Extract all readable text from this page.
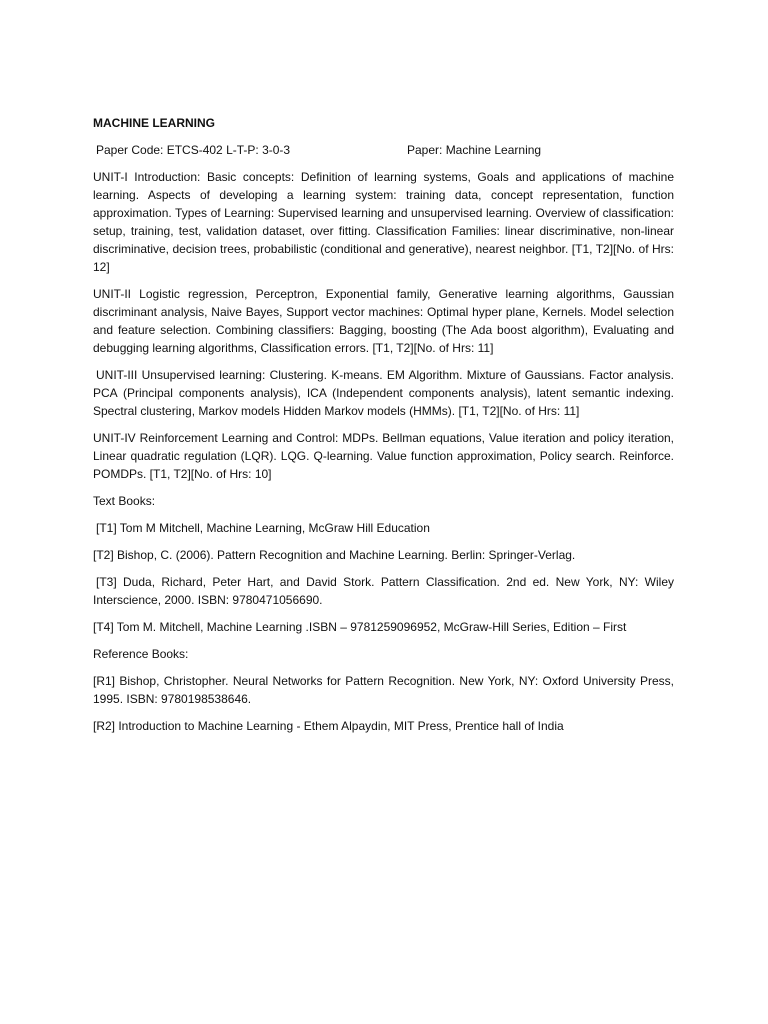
MACHINE LEARNING
Paper Code: ETCS-402 L-T-P: 3-0-3	Paper: Machine Learning
UNIT-I Introduction: Basic concepts: Definition of learning systems, Goals and applications of machine learning. Aspects of developing a learning system: training data, concept representation, function approximation. Types of Learning: Supervised learning and unsupervised learning. Overview of classification: setup, training, test, validation dataset, over fitting. Classification Families: linear discriminative, non-linear discriminative, decision trees, probabilistic (conditional and generative), nearest neighbor. [T1, T2][No. of Hrs: 12]
UNIT-II Logistic regression, Perceptron, Exponential family, Generative learning algorithms, Gaussian discriminant analysis, Naive Bayes, Support vector machines: Optimal hyper plane, Kernels. Model selection and feature selection. Combining classifiers: Bagging, boosting (The Ada boost algorithm), Evaluating and debugging learning algorithms, Classification errors. [T1, T2][No. of Hrs: 11]
UNIT-III Unsupervised learning: Clustering. K-means. EM Algorithm. Mixture of Gaussians. Factor analysis. PCA (Principal components analysis), ICA (Independent components analysis), latent semantic indexing. Spectral clustering, Markov models Hidden Markov models (HMMs). [T1, T2][No. of Hrs: 11]
UNIT-IV Reinforcement Learning and Control: MDPs. Bellman equations, Value iteration and policy iteration, Linear quadratic regulation (LQR). LQG. Q-learning. Value function approximation, Policy search. Reinforce. POMDPs. [T1, T2][No. of Hrs: 10]
Text Books:
[T1] Tom M Mitchell, Machine Learning, McGraw Hill Education
[T2] Bishop, C. (2006). Pattern Recognition and Machine Learning. Berlin: Springer-Verlag.
[T3] Duda, Richard, Peter Hart, and David Stork. Pattern Classification. 2nd ed. New York, NY: Wiley Interscience, 2000. ISBN: 9780471056690.
[T4] Tom M. Mitchell, Machine Learning .ISBN – 9781259096952, McGraw-Hill Series, Edition – First
Reference Books:
[R1] Bishop, Christopher. Neural Networks for Pattern Recognition. New York, NY: Oxford University Press, 1995. ISBN: 9780198538646.
[R2] Introduction to Machine Learning - Ethem Alpaydin, MIT Press, Prentice hall of India
